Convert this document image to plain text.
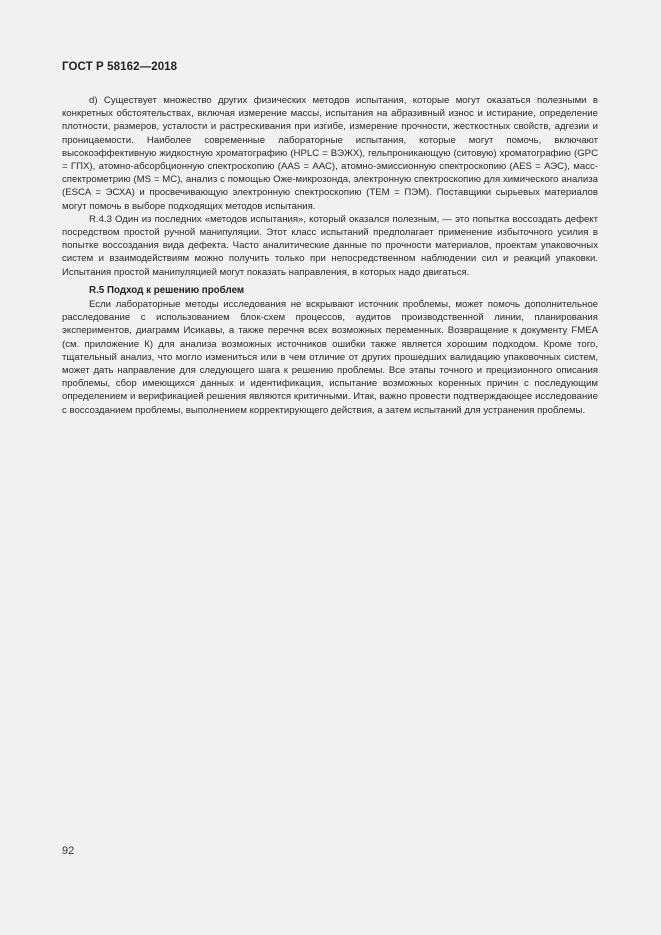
ГОСТ Р 58162—2018

d) Существует множество других физических методов испытания, которые могут оказаться полезными в конкретных обстоятельствах, включая измерение массы, испытания на абразивный износ и истирание, определение плотности, размеров, усталости и растрескивания при изгибе, измерение прочности, жесткостных свойств, адгезии и проницаемости. Наиболее современные лабораторные испытания, которые могут помочь, включают высокоэффективную жидкостную хроматографию (HPLC = ВЭЖХ), гельпроникающую (ситовую) хроматографию (GPC = ГПХ), атомно-абсорбционную спектроскопию (AAS = ААС), атомно-эмиссионную спектроскопию (AES = АЭС), масс-спектрометрию (MS = МС), анализ с помощью Оже-микрозонда, электронную спектроскопию для химического анализа (ESCA = ЭСХА) и просвечивающую электронную спектроскопию (TEM = ПЭМ). Поставщики сырьевых материалов могут помочь в выборе подходящих методов испытания.

R.4.3 Один из последних «методов испытания», который оказался полезным, — это попытка воссоздать дефект посредством простой ручной манипуляции. Этот класс испытаний предполагает применение избыточного усилия в попытке воссоздания вида дефекта. Часто аналитические данные по прочности материалов, проектам упаковочных систем и взаимодействиям можно получить только при непосредственном наблюдении сил и реакций упаковки. Испытания простой манипуляцией могут показать направления, в которых надо двигаться.

R.5 Подход к решению проблем

Если лабораторные методы исследования не вскрывают источник проблемы, может помочь дополнительное расследование с использованием блок-схем процессов, аудитов производственной линии, планирования экспериментов, диаграмм Исикавы, а также перечня всех возможных переменных. Возвращение к документу FMEA (см. приложение К) для анализа возможных источников ошибки также является хорошим подходом. Кроме того, тщательный анализ, что могло измениться или в чем отличие от других прошедших валидацию упаковочных систем, может дать направление для следующего шага к решению проблемы. Все этапы точного и прецизионного описания проблемы, сбор имеющихся данных и идентификация, испытание возможных коренных причин с последующим определением и верификацией решения являются критичными. Итак, важно провести подтверждающее исследование с воссозданием проблемы, выполнением корректирующего действия, а затем испытаний для устранения проблемы.

92
